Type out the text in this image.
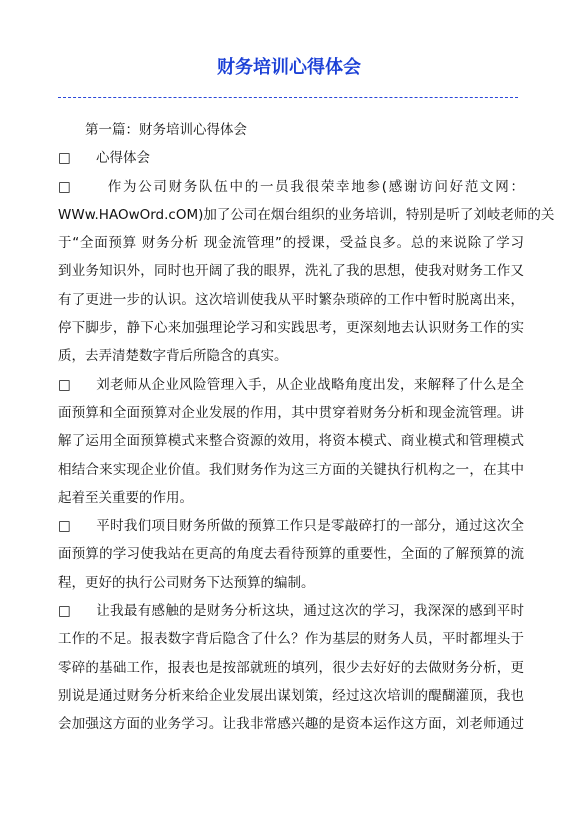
财务培训心得体会
第一篇：财务培训心得体会
□ 心得体会
□	作为公司财务队伍中的一员我很荣幸地参(感谢访问好范文网：
WWw.HAOwOrd.cOM)加了公司在烟台组织的业务培训，特别是听了刘岐老师的关
于“全面预算 财务分析 现金流管理”的授课，受益良多。总的来说除了学习
到业务知识外，同时也开阔了我的眼界，洗礼了我的思想，使我对财务工作又
有了更进一步的认识。这次培训使我从平时繁杂琐碎的工作中暂时脱离出来，
停下脚步，静下心来加强理论学习和实践思考，更深刻地去认识财务工作的实
质，去弄清楚数字背后所隐含的真实。
□ 刘老师从企业风险管理入手，从企业战略角度出发，来解释了什么是全
面预算和全面预算对企业发展的作用，其中贯穿着财务分析和现金流管理。讲
解了运用全面预算模式来整合资源的效用，将资本模式、商业模式和管理模式
相结合来实现企业价值。我们财务作为这三方面的关键执行机构之一，在其中
起着至关重要的作用。
□ 平时我们项目财务所做的预算工作只是零敲碎打的一部分，通过这次全
面预算的学习使我站在更高的角度去看待预算的重要性，全面的了解预算的流
程，更好的执行公司财务下达预算的编制。
□ 让我最有感触的是财务分析这块，通过这次的学习，我深深的感到平时
工作的不足。报表数字背后隐含了什么？作为基层的财务人员，平时都埋头于
零碎的基础工作，报表也是按部就班的填列，很少去好好的去做财务分析，更
别说是通过财务分析来给企业发展出谋划策，经过这次培训的醍醐灌顶，我也
会加强这方面的业务学习。让我非常感兴趣的是资本运作这方面，刘老师通过
